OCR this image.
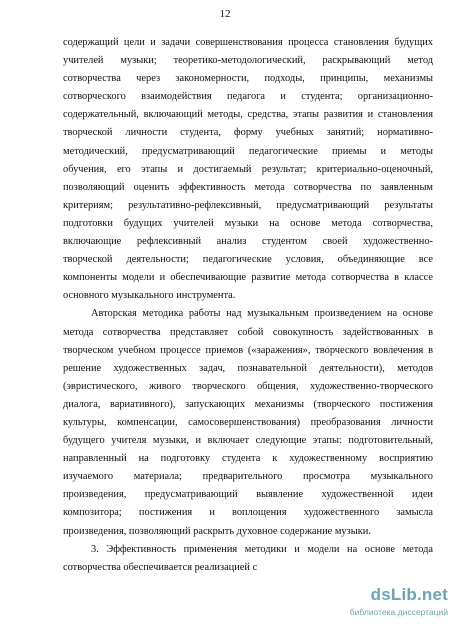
12
содержащий цели и задачи совершенствования процесса становления будущих
учителей музыки; теоретико-методологический, раскрывающий метод
сотворчества через закономерности, подходы, принципы, механизмы
сотворческого взаимодействия педагога и студента; организационно-
содержательный, включающий методы, средства, этапы развития и становления
творческой личности студента, форму учебных занятий; нормативно-
методический, предусматривающий педагогические приемы и методы
обучения, его этапы и достигаемый результат; критериально-оценочный,
позволяющий оценить эффективность метода сотворчества по заявленным
критериям; результативно-рефлексивный, предусматривающий результаты
подготовки будущих учителей музыки на основе метода сотворчества,
включающие рефлексивный анализ студентом своей художественно-
творческой деятельности; педагогические условия, объединяющие все
компоненты модели и обеспечивающие развитие метода сотворчества в классе
основного музыкального инструмента.
Авторская методика работы над музыкальным произведением на основе
метода сотворчества представляет собой совокупность задействованных в
творческом учебном процессе приемов («заражения», творческого вовлечения в
решение художественных задач, познавательной деятельности), методов
(эвристического, живого творческого общения, художественно-творческого
диалога, вариативного), запускающих механизмы (творческого постижения
культуры, компенсации, самосовершенствования) преобразования личности
будущего учителя музыки, и включает следующие этапы: подготовительный,
направленный на подготовку студента к художественному восприятию
изучаемого материала; предварительного просмотра музыкального
произведения, предусматривающий выявление художественной идеи
композитора; постижения и воплощения художественного замысла
произведения, позволяющий раскрыть духовное содержание музыки.
3. Эффективность применения методики и модели на основе метода
сотворчества обеспечивается реализацией с
dsLib.net
библиотека диссертаций
